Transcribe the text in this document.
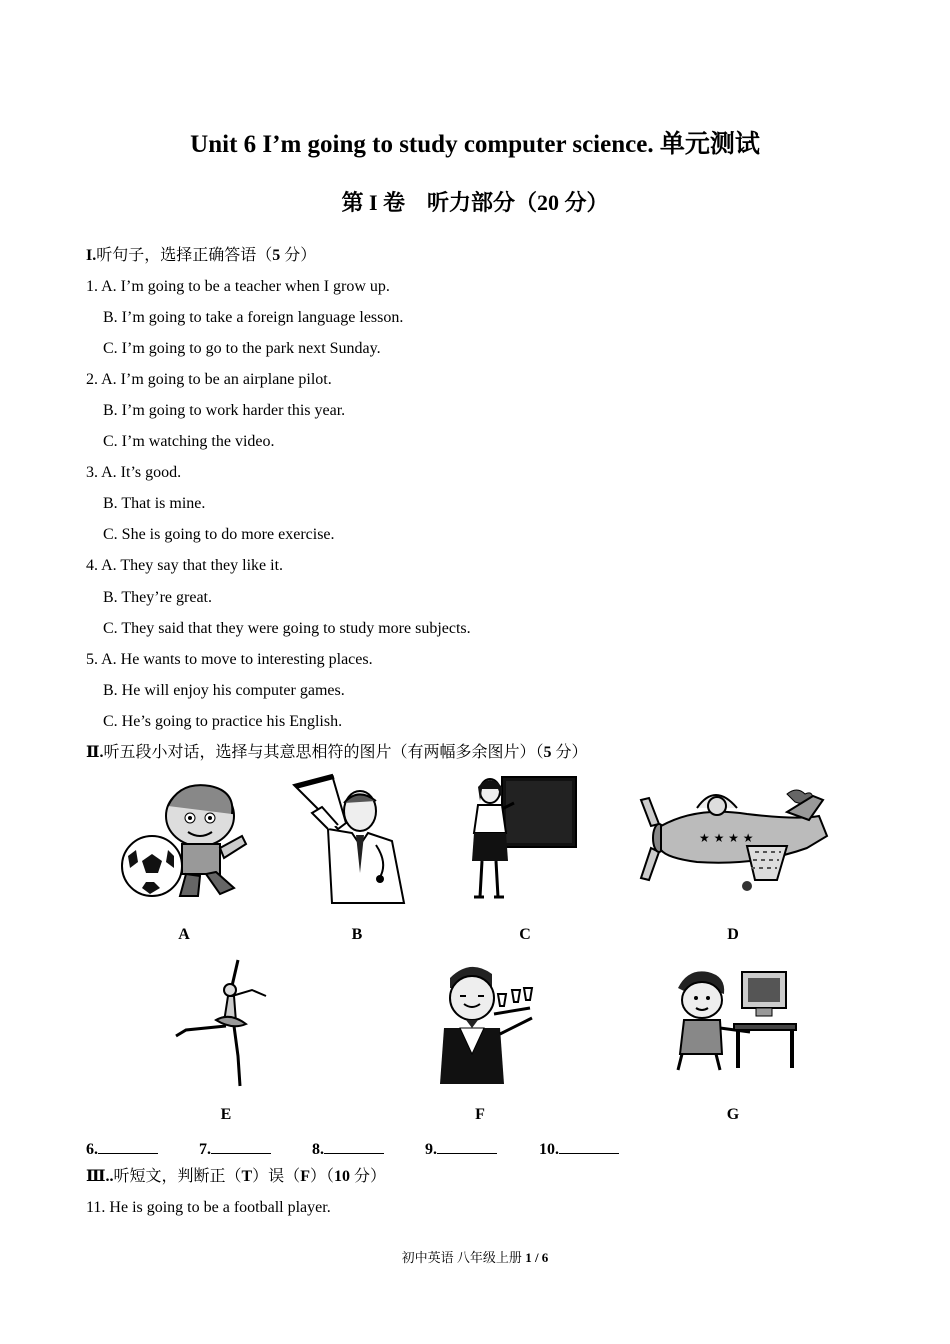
Unit 6 I’m going to study computer science. 单元测试
第 I 卷　听力部分（20 分）
I.听句子，选择正确答语（5 分）
1. A. I’m going to be a teacher when I grow up.
B. I’m going to take a foreign language lesson.
C. I’m going to go to the park next Sunday.
2. A. I’m going to be an airplane pilot.
B. I’m going to work harder this year.
C. I’m watching the video.
3. A. It’s good.
B. That is mine.
C. She is going to do more exercise.
4. A. They say that they like it.
B. They’re great.
C. They said that they were going to study more subjects.
5. A. He wants to move to interesting places.
B. He will enjoy his computer games.
C. He’s going to practice his English.
Ⅱ.听五段小对话，选择与其意思相符的图片（有两幅多余图片）（5 分）
★ ★ ★ ★
A	B	C	D
E	F	G
6.	7.	8.	9.	10.
Ⅲ..听短文，判断正（T）误（F）（10 分）
11. He is going to be a football player.
初中英语 八年级上册 1 / 6
